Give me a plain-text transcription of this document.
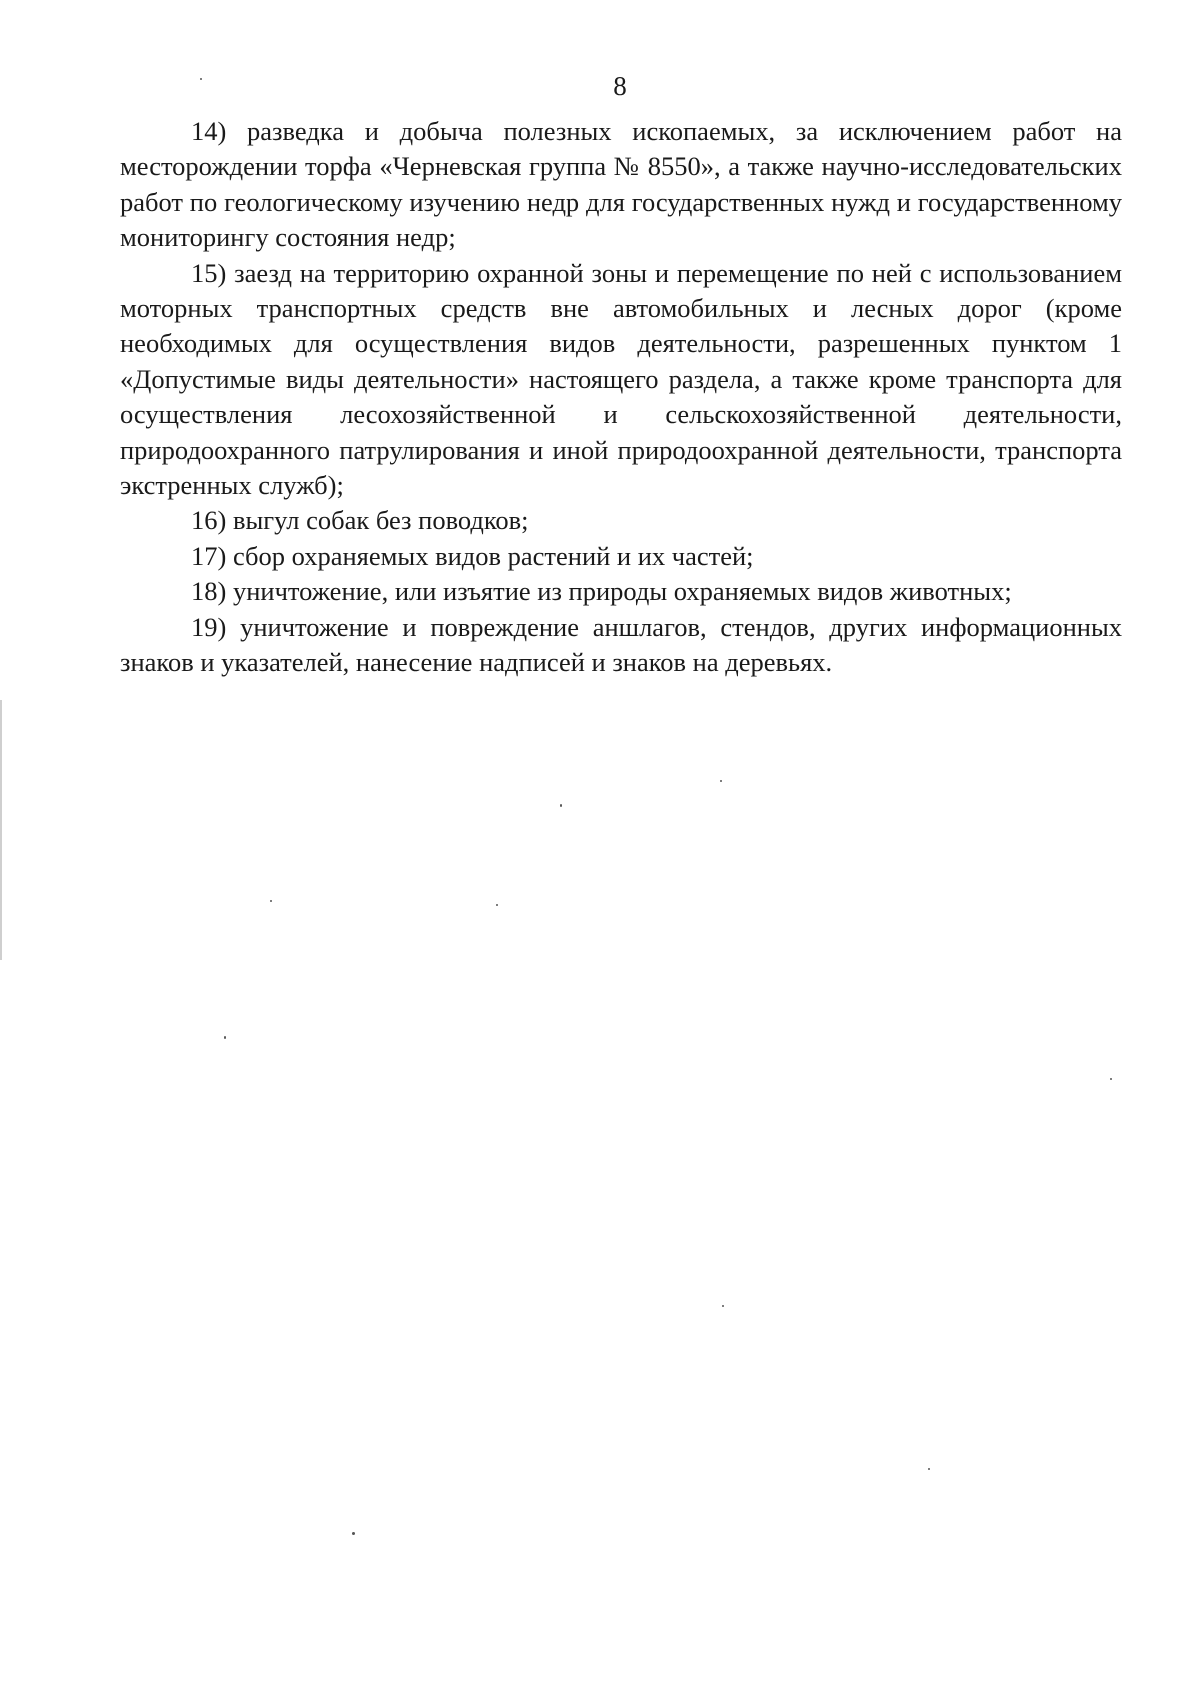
8

14) разведка и добыча полезных ископаемых, за исключением работ на месторождении торфа «Черневская группа № 8550», а также научно-исследовательских работ по геологическому изучению недр для государственных нужд и государственному мониторингу состояния недр;

15) заезд на территорию охранной зоны и перемещение по ней с использованием моторных транспортных средств вне автомобильных и лесных дорог (кроме необходимых для осуществления видов деятельности, разрешенных пунктом 1 «Допустимые виды деятельности» настоящего раздела, а также кроме транспорта для осуществления лесохозяйственной и сельскохозяйственной деятельности, природоохранного патрулирования и иной природоохранной деятельности, транспорта экстренных служб);

16) выгул собак без поводков;

17) сбор охраняемых видов растений и их частей;

18) уничтожение, или изъятие из природы охраняемых видов животных;

19) уничтожение и повреждение аншлагов, стендов, других информационных знаков и указателей, нанесение надписей и знаков на деревьях.
